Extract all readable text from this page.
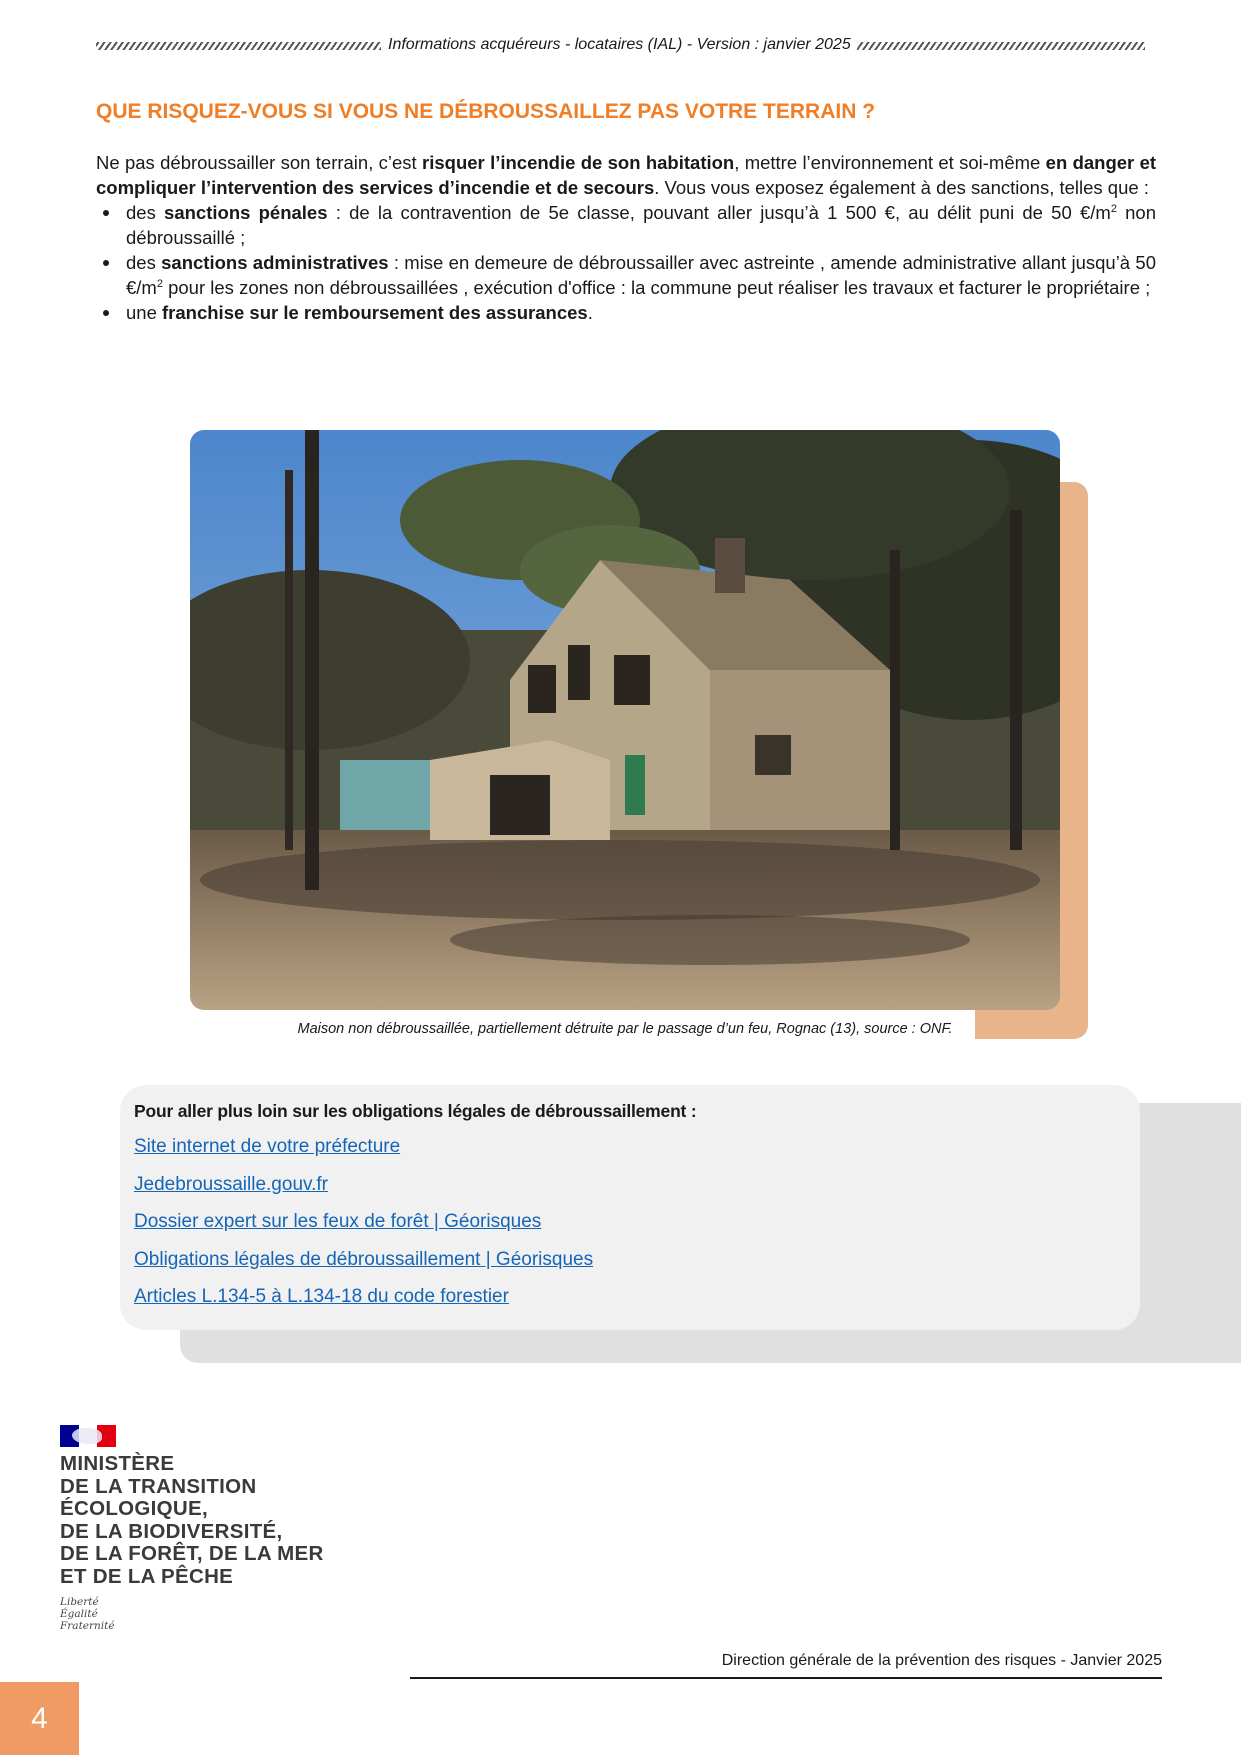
Informations acquéreurs - locataires (IAL) - Version : janvier 2025
QUE RISQUEZ-VOUS SI VOUS NE DÉBROUSSAILLEZ PAS VOTRE TERRAIN ?

Ne pas débroussailler son terrain, c’est risquer l’incendie de son habitation, mettre l’environnement et soi-même en danger et compliquer l’intervention des services d’incendie et de secours. Vous vous exposez également à des sanctions, telles que :

des sanctions pénales : de la contravention de 5e classe, pouvant aller jusqu’à 1 500 €, au délit puni de 50 $€/m^2$ non débroussaillé ;
des sanctions administratives : mise en demeure de débroussailler avec astreinte , amende administrative allant jusqu’à 50 $€/m^2$ pour les zones non débroussaillées , exécution d'office : la commune peut réaliser les travaux et facturer le propriétaire ;
une franchise sur le remboursement des assurances.
Maison non débroussaillée, partiellement détruite par le passage d’un feu, Rognac (13), source : ONF.
Pour aller plus loin sur les obligations légales de débroussaillement :
Site internet de votre préfecture
Jedebroussaille.gouv.fr
Dossier expert sur les feux de forêt | Géorisques
Obligations légales de débroussaillement | Géorisques
Articles L.134-5 à L.134-18 du code forestier
MINISTÈRE
DE LA TRANSITION
ÉCOLOGIQUE,
DE LA BIODIVERSITÉ,
DE LA FORÊT, DE LA MER
ET DE LA PÊCHE
Liberté
Égalité
Fraternité
Direction générale de la prévention des risques - Janvier 2025
4
